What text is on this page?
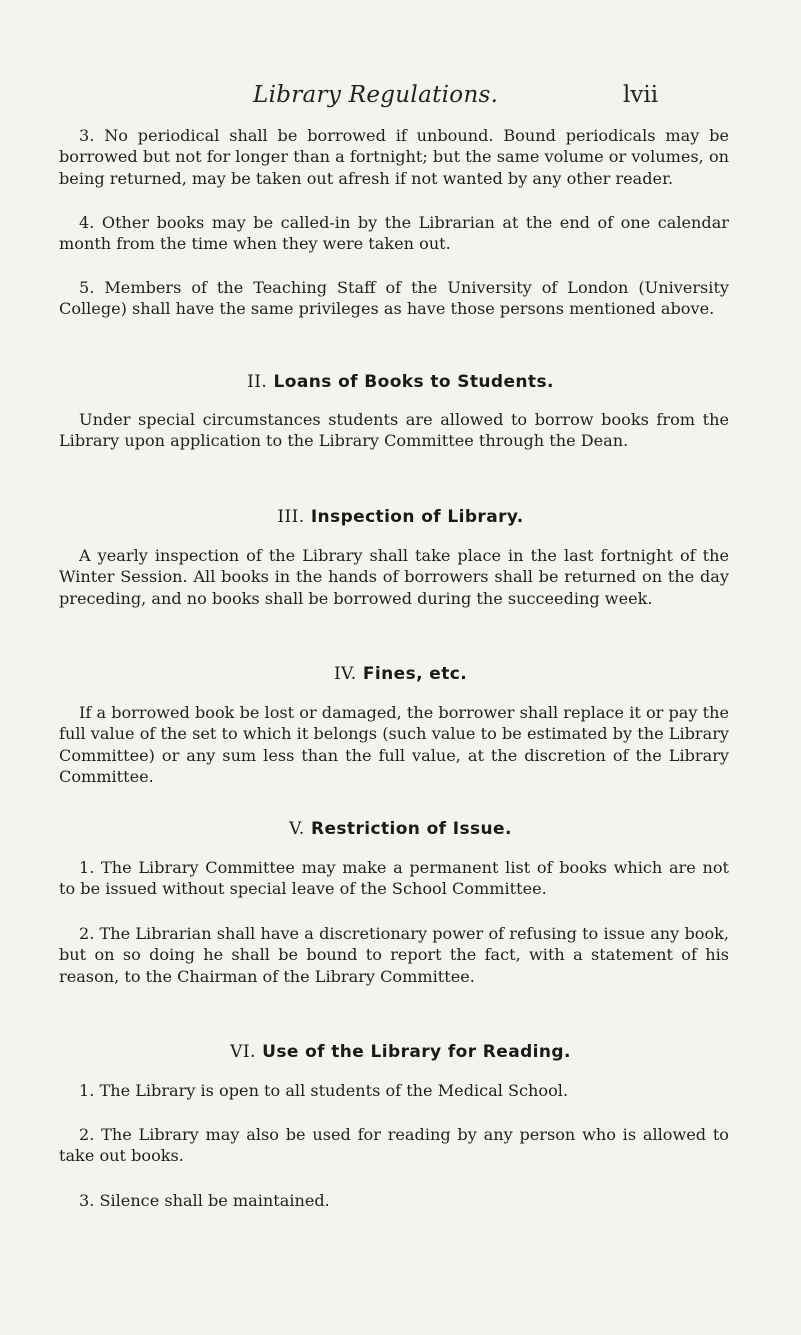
Library Regulations.	lvii

3. No periodical shall be borrowed if unbound. Bound periodicals may be borrowed but not for longer than a fortnight; but the same volume or volumes, on being returned, may be taken out afresh if not wanted by any other reader.

4. Other books may be called-in by the Librarian at the end of one calendar month from the time when they were taken out.

5. Members of the Teaching Staff of the University of London (University College) shall have the same privileges as have those persons mentioned above.

II. Loans of Books to Students.

Under special circumstances students are allowed to borrow books from the Library upon application to the Library Committee through the Dean.

III. Inspection of Library.

A yearly inspection of the Library shall take place in the last fortnight of the Winter Session. All books in the hands of borrowers shall be returned on the day preceding, and no books shall be borrowed during the succeeding week.

IV. Fines, etc.

If a borrowed book be lost or damaged, the borrower shall replace it or pay the full value of the set to which it belongs (such value to be estimated by the Library Committee) or any sum less than the full value, at the discretion of the Library Committee.

V. Restriction of Issue.

1. The Library Committee may make a permanent list of books which are not to be issued without special leave of the School Committee.

2. The Librarian shall have a discretionary power of refusing to issue any book, but on so doing he shall be bound to report the fact, with a statement of his reason, to the Chairman of the Library Committee.

VI. Use of the Library for Reading.

1. The Library is open to all students of the Medical School.

2. The Library may also be used for reading by any person who is allowed to take out books.

3. Silence shall be maintained.
